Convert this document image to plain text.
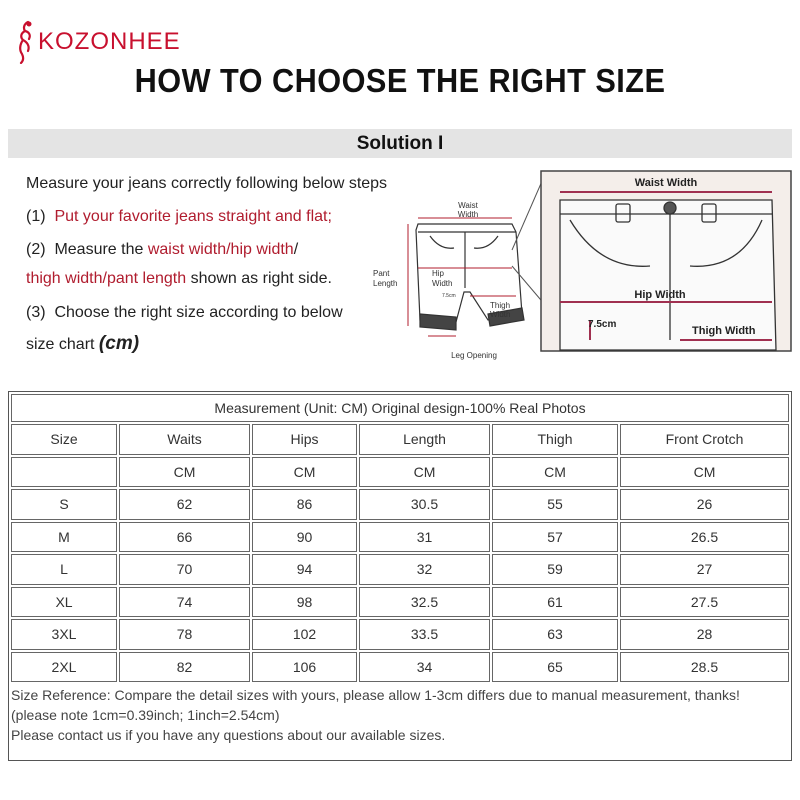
KOZONHEE
HOW TO CHOOSE THE RIGHT SIZE
Solution I
Measure your jeans correctly following below steps
(1) Put your favorite jeans straight and flat;
(2) Measure the waist width/hip width/
thigh width/pant length shown as right side.
(3) Choose the right size according to below
size chart (cm)
Waist
Width
Pant
Length
Hip
Width
7.5cm
Thigh
Width
Leg Opening
Waist Width
Hip Width
7.5cm
Thigh Width
Measurement (Unit: CM) Original design-100% Real Photos					
Size	Waits	Hips	Length	Thigh	Front Crotch
	CM	CM	CM	CM	CM
S	62	86	30.5	55	26
M	66	90	31	57	26.5
L	70	94	32	59	27
XL	74	98	32.5	61	27.5
3XL	78	102	33.5	63	28
2XL	82	106	34	65	28.5
Size Reference: Compare the detail sizes with yours, please allow 1-3cm differs due to manual measurement, thanks!
(please note 1cm=0.39inch; 1inch=2.54cm)
Please contact us if you have any questions about our available sizes.
